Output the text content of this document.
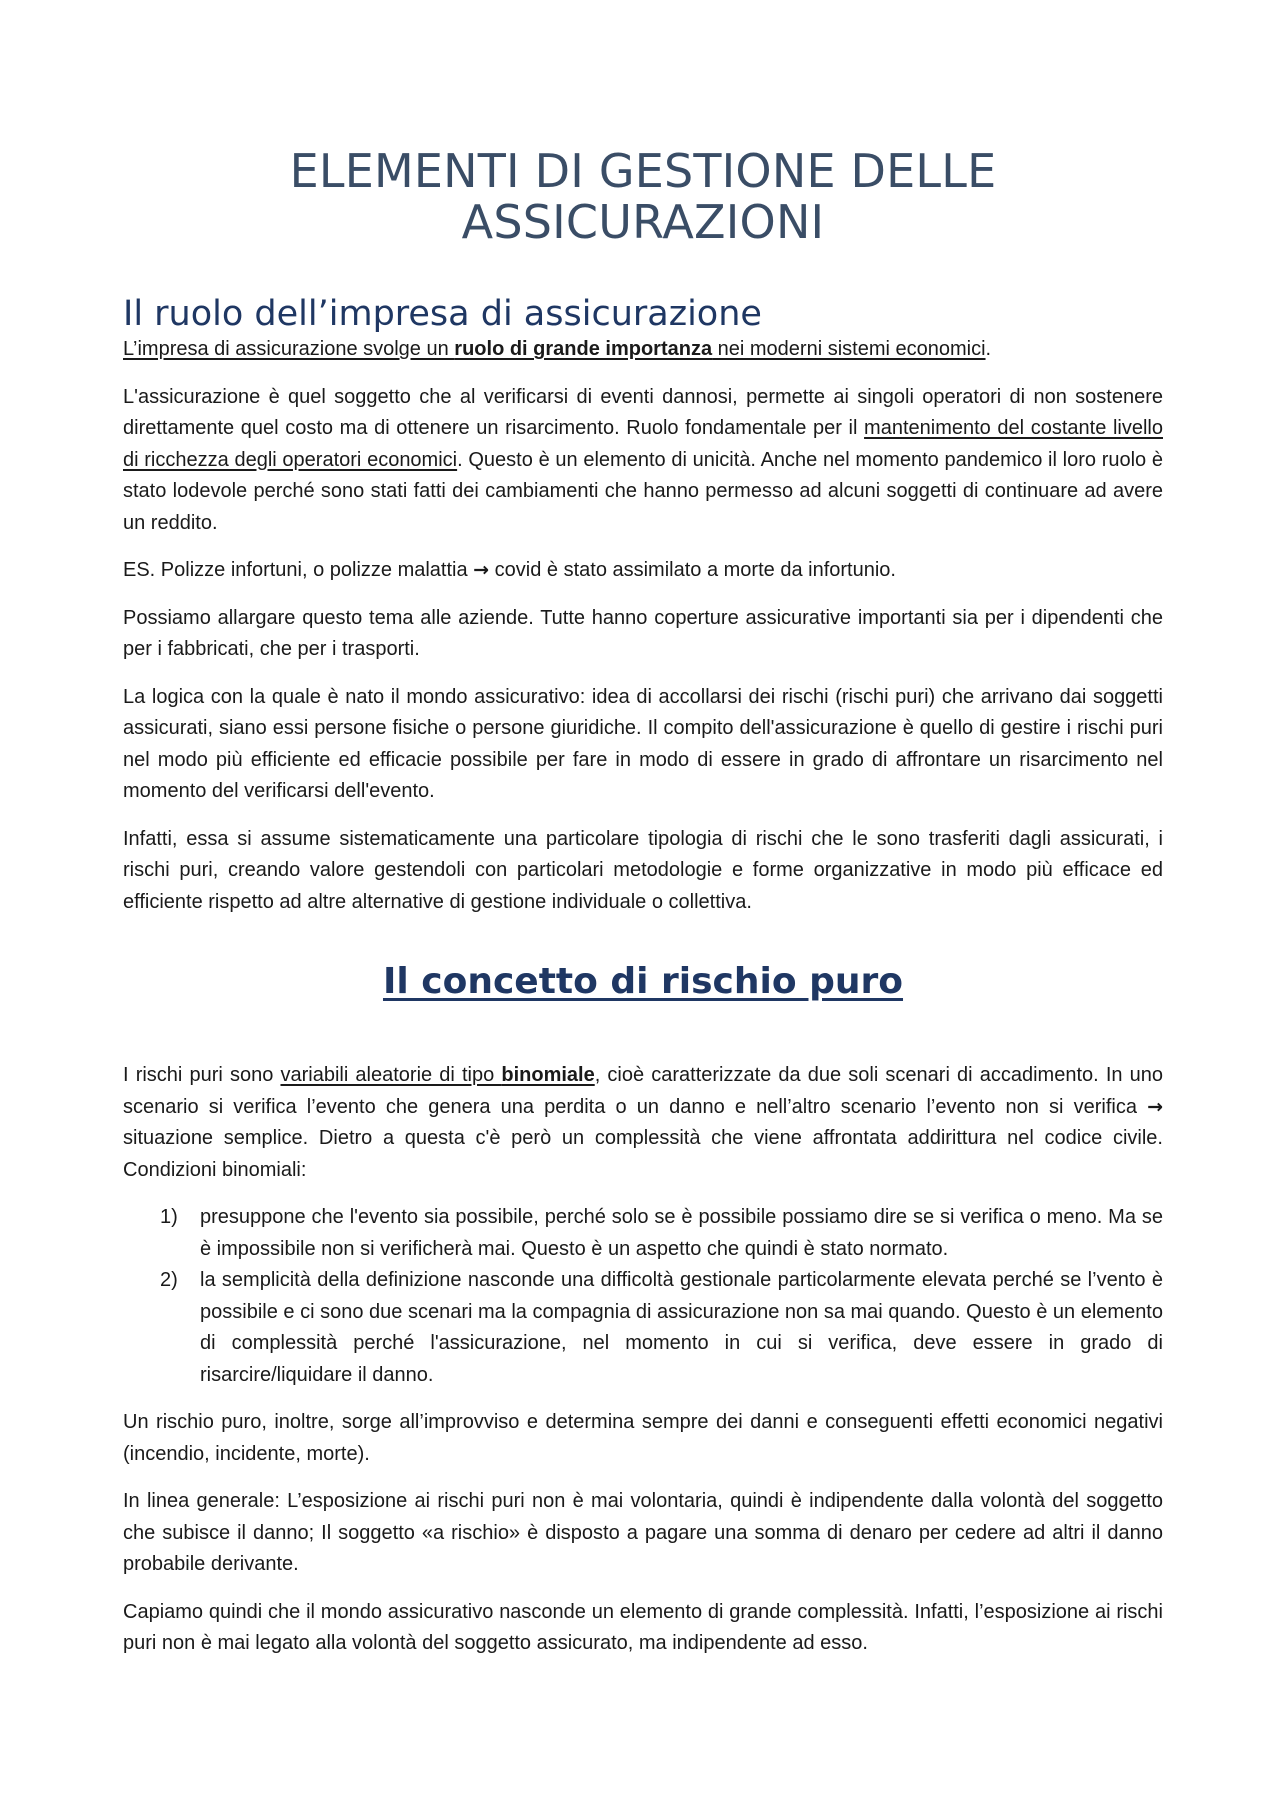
ELEMENTI DI GESTIONE DELLE
ASSICURAZIONI
Il ruolo dell’impresa di assicurazione

L’impresa di assicurazione svolge un ruolo di grande importanza nei moderni sistemi economici.

L'assicurazione è quel soggetto che al verificarsi di eventi dannosi, permette ai singoli operatori di non sostenere direttamente quel costo ma di ottenere un risarcimento. Ruolo fondamentale per il mantenimento del costante livello di ricchezza degli operatori economici. Questo è un elemento di unicità. Anche nel momento pandemico il loro ruolo è stato lodevole perché sono stati fatti dei cambiamenti che hanno permesso ad alcuni soggetti di continuare ad avere un reddito.

ES. Polizze infortuni, o polizze malattia → covid è stato assimilato a morte da infortunio.

Possiamo allargare questo tema alle aziende. Tutte hanno coperture assicurative importanti sia per i dipendenti che per i fabbricati, che per i trasporti.

La logica con la quale è nato il mondo assicurativo: idea di accollarsi dei rischi (rischi puri) che arrivano dai soggetti assicurati, siano essi persone fisiche o persone giuridiche. Il compito dell'assicurazione è quello di gestire i rischi puri nel modo più efficiente ed efficacie possibile per fare in modo di essere in grado di affrontare un risarcimento nel momento del verificarsi dell'evento.

Infatti, essa si assume sistematicamente una particolare tipologia di rischi che le sono trasferiti dagli assicurati, i rischi puri, creando valore gestendoli con particolari metodologie e forme organizzative in modo più efficace ed efficiente rispetto ad altre alternative di gestione individuale o collettiva.

Il concetto di rischio puro

I rischi puri sono variabili aleatorie di tipo binomiale, cioè caratterizzate da due soli scenari di accadimento. In uno scenario si verifica l’evento che genera una perdita o un danno e nell’altro scenario l’evento non si verifica → situazione semplice. Dietro a questa c'è però un complessità che viene affrontata addirittura nel codice civile. Condizioni binomiali:

1) presuppone che l'evento sia possibile, perché solo se è possibile possiamo dire se si verifica o meno. Ma se è impossibile non si verificherà mai. Questo è un aspetto che quindi è stato normato.
2) la semplicità della definizione nasconde una difficoltà gestionale particolarmente elevata perché se l’vento è possibile e ci sono due scenari ma la compagnia di assicurazione non sa mai quando. Questo è un elemento di complessità perché l'assicurazione, nel momento in cui si verifica, deve essere in grado di risarcire/liquidare il danno.

Un rischio puro, inoltre, sorge all’improvviso e determina sempre dei danni e conseguenti effetti economici negativi (incendio, incidente, morte).

In linea generale: L’esposizione ai rischi puri non è mai volontaria, quindi è indipendente dalla volontà del soggetto che subisce il danno; Il soggetto «a rischio» è disposto a pagare una somma di denaro per cedere ad altri il danno probabile derivante.

Capiamo quindi che il mondo assicurativo nasconde un elemento di grande complessità. Infatti, l’esposizione ai rischi puri non è mai legato alla volontà del soggetto assicurato, ma indipendente ad esso.
